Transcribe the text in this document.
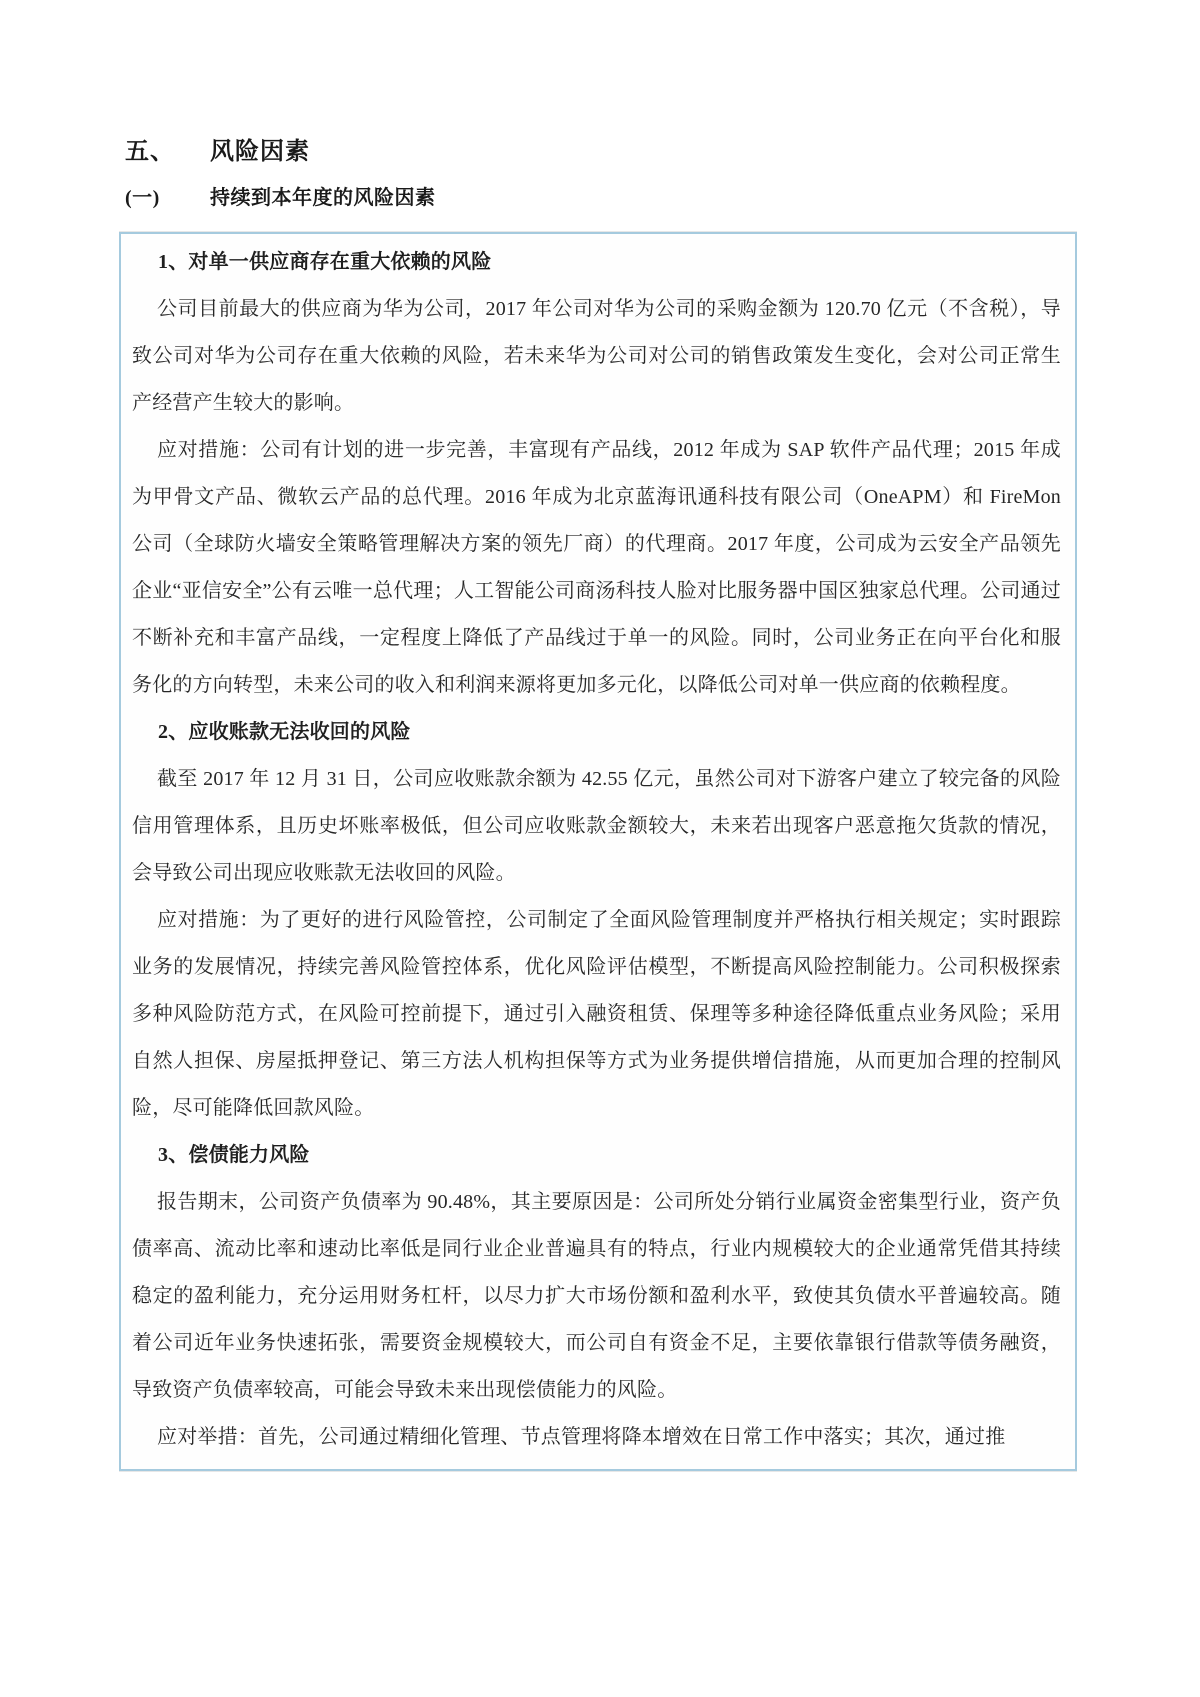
五、 风险因素
(一)	持续到本年度的风险因素

1、对单一供应商存在重大依赖的风险

公司目前最大的供应商为华为公司，2017 年公司对华为公司的采购金额为 120.70 亿元（不含税），导致公司对华为公司存在重大依赖的风险，若未来华为公司对公司的销售政策发生变化，会对公司正常生产经营产生较大的影响。

应对措施：公司有计划的进一步完善，丰富现有产品线，2012 年成为 SAP 软件产品代理；2015 年成为甲骨文产品、微软云产品的总代理。2016 年成为北京蓝海讯通科技有限公司（OneAPM）和 FireMon 公司（全球防火墙安全策略管理解决方案的领先厂商）的代理商。2017 年度，公司成为云安全产品领先企业“亚信安全”公有云唯一总代理；人工智能公司商汤科技人脸对比服务器中国区独家总代理。公司通过不断补充和丰富产品线，一定程度上降低了产品线过于单一的风险。同时，公司业务正在向平台化和服务化的方向转型，未来公司的收入和利润来源将更加多元化，以降低公司对单一供应商的依赖程度。

2、应收账款无法收回的风险

截至 2017 年 12 月 31 日，公司应收账款余额为 42.55 亿元，虽然公司对下游客户建立了较完备的风险信用管理体系，且历史坏账率极低，但公司应收账款金额较大，未来若出现客户恶意拖欠货款的情况，会导致公司出现应收账款无法收回的风险。

应对措施：为了更好的进行风险管控，公司制定了全面风险管理制度并严格执行相关规定；实时跟踪业务的发展情况，持续完善风险管控体系，优化风险评估模型，不断提高风险控制能力。公司积极探索多种风险防范方式，在风险可控前提下，通过引入融资租赁、保理等多种途径降低重点业务风险；采用自然人担保、房屋抵押登记、第三方法人机构担保等方式为业务提供增信措施，从而更加合理的控制风险，尽可能降低回款风险。

3、偿债能力风险

报告期末，公司资产负债率为 90.48%，其主要原因是：公司所处分销行业属资金密集型行业，资产负债率高、流动比率和速动比率低是同行业企业普遍具有的特点，行业内规模较大的企业通常凭借其持续稳定的盈利能力，充分运用财务杠杆，以尽力扩大市场份额和盈利水平，致使其负债水平普遍较高。随着公司近年业务快速拓张，需要资金规模较大，而公司自有资金不足，主要依靠银行借款等债务融资，导致资产负债率较高，可能会导致未来出现偿债能力的风险。

应对举措：首先，公司通过精细化管理、节点管理将降本增效在日常工作中落实；其次，通过推
